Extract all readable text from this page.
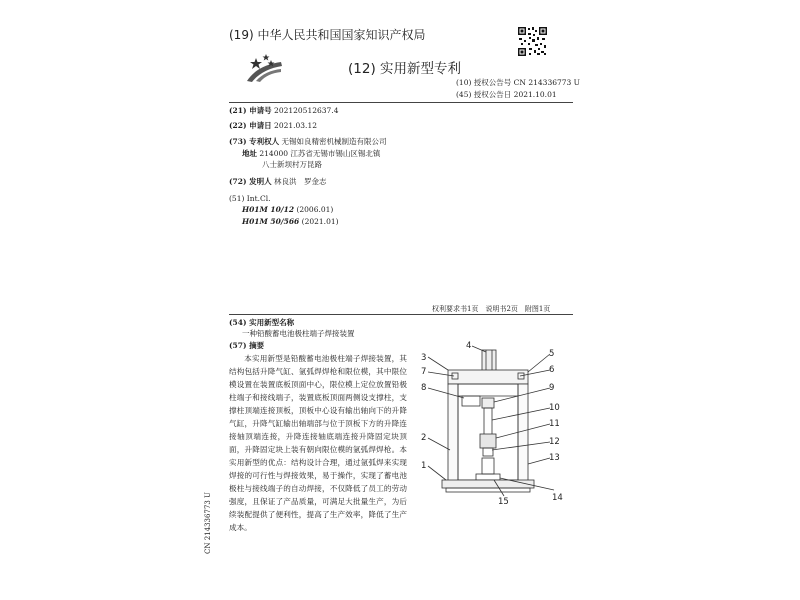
(19) 中华人民共和国国家知识产权局
(12) 实用新型专利
(10) 授权公告号 CN 214336773 U
(45) 授权公告日 2021.10.01
(21) 申请号 202120512637.4
(22) 申请日 2021.03.12
(73) 专利权人 无锡如良精密机械制造有限公司
地址 214000 江苏省无锡市锡山区锡北镇
八士新坝村万昆路
(72) 发明人 林良洪　罗金志
(51) Int.Cl.
H01M 10/12 (2006.01)
H01M 50/566 (2021.01)
权利要求书1页　说明书2页　附图1页
(54) 实用新型名称
一种铅酸蓄电池极柱端子焊接装置
(57) 摘要

本实用新型是铅酸蓄电池极柱端子焊接装置，其结构包括升降气缸、氩弧焊焊枪和限位模，其中限位模设置在装置底板顶面中心，限位模上定位放置铅极柱端子和接线端子，装置底板顶面两侧设支撑柱，支撑柱顶端连接顶板，顶板中心设有输出轴向下的升降气缸，升降气缸输出轴端部与位于顶板下方的升降连接轴顶端连接，升降连接轴底端连接升降固定块顶面，升降固定块上装有朝向限位模的氩弧焊焊枪。本实用新型的优点：结构设计合理，通过氩弧焊来实现焊接的可行性与焊接效果，易于操作，实现了蓄电池极柱与接线端子的自动焊接，不仅降低了员工的劳动强度，且保证了产品质量，可满足大批量生产，为后续装配提供了便利性，提高了生产效率，降低了生产成本。

CN 214336773 U
3
4
5
7	6
8	9
10
11
12
2
13
1
14
15
